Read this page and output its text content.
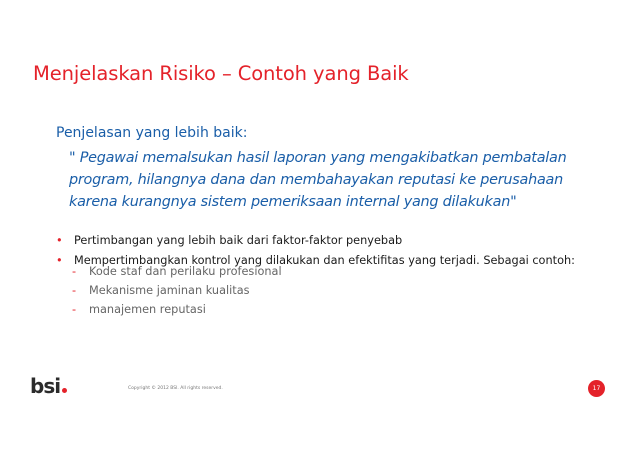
Menjelaskan Risiko – Contoh yang Baik
Penjelasan yang lebih baik:
" Pegawai memalsukan hasil laporan yang mengakibatkan pembatalan
program, hilangnya dana dan membahayakan reputasi ke perusahaan
karena kurangnya sistem pemeriksaan internal yang dilakukan"
•	Pertimbangan yang lebih baik dari faktor-faktor penyebab
•	Mempertimbangkan kontrol yang dilakukan dan efektifitas yang terjadi. Sebagai contoh:
- Kode staf dan perilaku profesional
- Mekanisme jaminan kualitas
- manajemen reputasi
bsi	Copyright © 2012 BSI. All rights reserved.	17
